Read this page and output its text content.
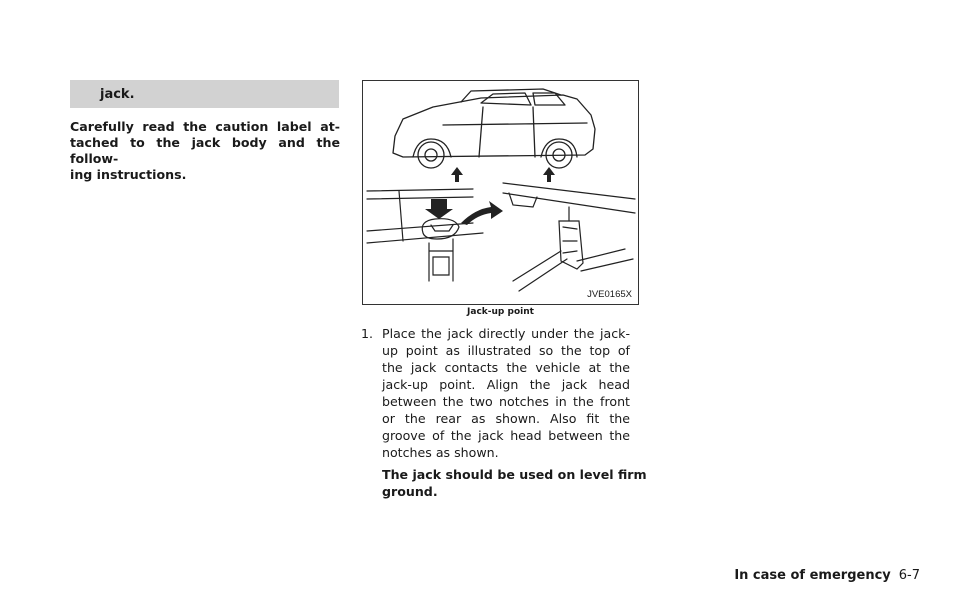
jack.
Carefully read the caution label at-
tached to the jack body and the follow-
ing instructions.
JVE0165X
Jack-up point
1. Place the jack directly under the jack-
up point as illustrated so the top of
the jack contacts the vehicle at the
jack-up point. Align the jack head
between the two notches in the front
or the rear as shown. Also fit the
groove of the jack head between the
notches as shown.
The jack should be used on level firm
ground.
In case of emergency 6-7
